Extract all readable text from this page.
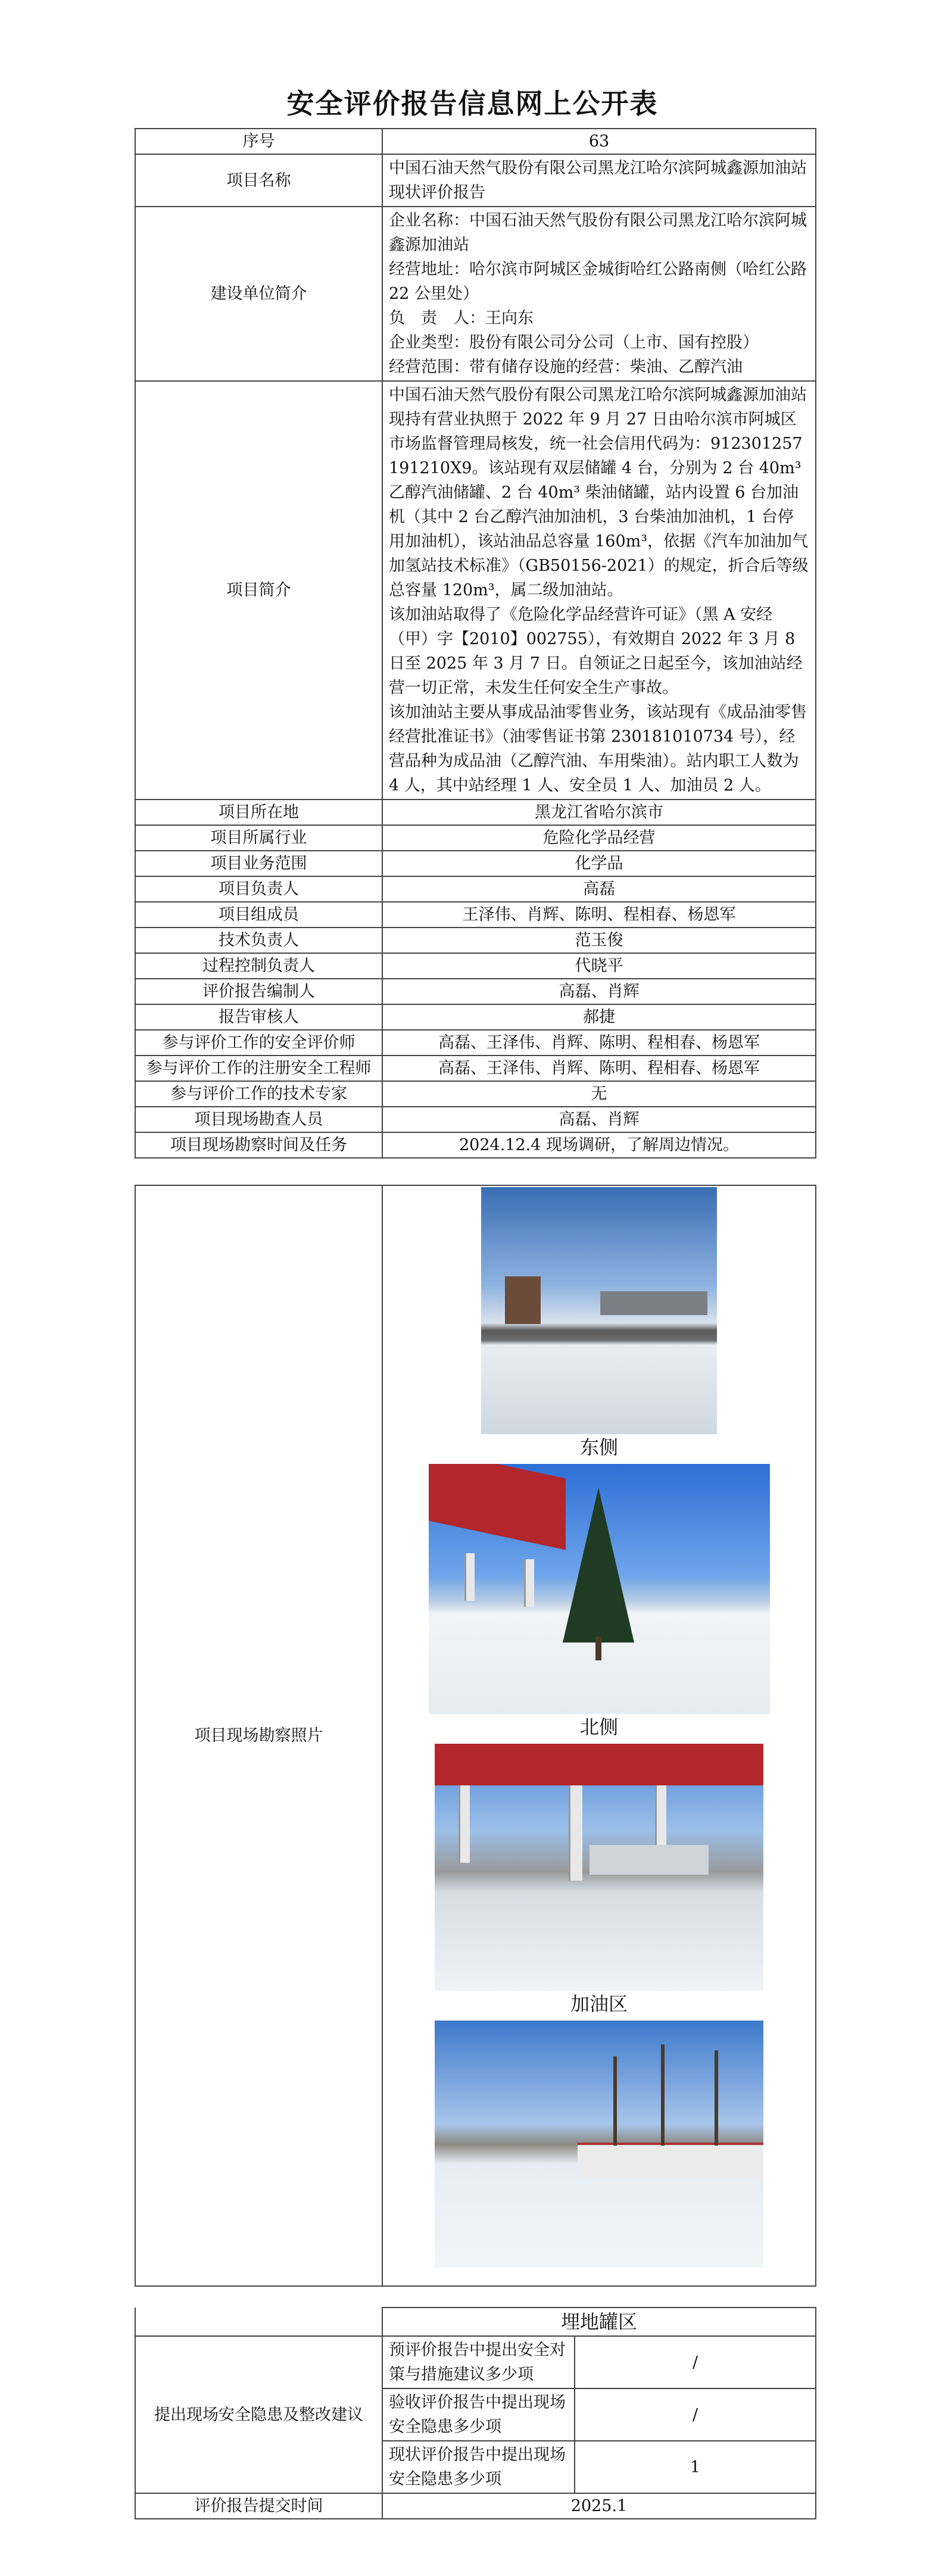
安全评价报告信息网上公开表
序号	63
项目名称	中国石油天然气股份有限公司黑龙江哈尔滨阿城鑫源加油站现状评价报告
建设单位简介	企业名称：中国石油天然气股份有限公司黑龙江哈尔滨阿城鑫源加油站
经营地址：哈尔滨市阿城区金城街哈红公路南侧（哈红公路 22 公里处）
负　责　人：王向东
企业类型：股份有限公司分公司（上市、国有控股）
经营范围：带有储存设施的经营：柴油、乙醇汽油

项目简介	中国石油天然气股份有限公司黑龙江哈尔滨阿城鑫源加油站现持有营业执照于 2022 年 9 月 27 日由哈尔滨市阿城区市场监督管理局核发，统一社会信用代码为：912301257191210X9。该站现有双层储罐 4 台，分别为 2 台 40m³ 乙醇汽油储罐、2 台 40m³ 柴油储罐，站内设置 6 台加油机（其中 2 台乙醇汽油加油机，3 台柴油加油机，1 台停用加油机），该站油品总容量 160m³，依据《汽车加油加气加氢站技术标准》（GB50156-2021）的规定，折合后等级总容量 120m³，属二级加油站。
该加油站取得了《危险化学品经营许可证》（黑 A 安经（甲）字【2010】002755），有效期自 2022 年 3 月 8 日至 2025 年 3 月 7 日。自领证之日起至今，该加油站经营一切正常，未发生任何安全生产事故。
该加油站主要从事成品油零售业务，该站现有《成品油零售经营批准证书》（油零售证书第 230181010734 号），经营品种为成品油（乙醇汽油、车用柴油）。站内职工人数为 4 人，其中站经理 1 人、安全员 1 人、加油员 2 人。

项目所在地	黑龙江省哈尔滨市
项目所属行业	危险化学品经营
项目业务范围	化学品
项目负责人	高磊
项目组成员	王泽伟、肖辉、陈明、程相春、杨恩军
技术负责人	范玉俊
过程控制负责人	代晓平
评价报告编制人	高磊、肖辉
报告审核人	郝捷
参与评价工作的安全评价师	高磊、王泽伟、肖辉、陈明、程相春、杨恩军
参与评价工作的注册安全工程师	高磊、王泽伟、肖辉、陈明、程相春、杨恩军
参与评价工作的技术专家	无
项目现场勘查人员	高磊、肖辉
项目现场勘察时间及任务	2024.12.4 现场调研，了解周边情况。
项目现场勘察照片	
东侧
北侧
加油区
	埋地罐区	
提出现场安全隐患及整改建议	预评价报告中提出安全对策与措施建议多少项	/
	验收评价报告中提出现场安全隐患多少项	/
	现状评价报告中提出现场安全隐患多少项	1
评价报告提交时间	2025.1	
